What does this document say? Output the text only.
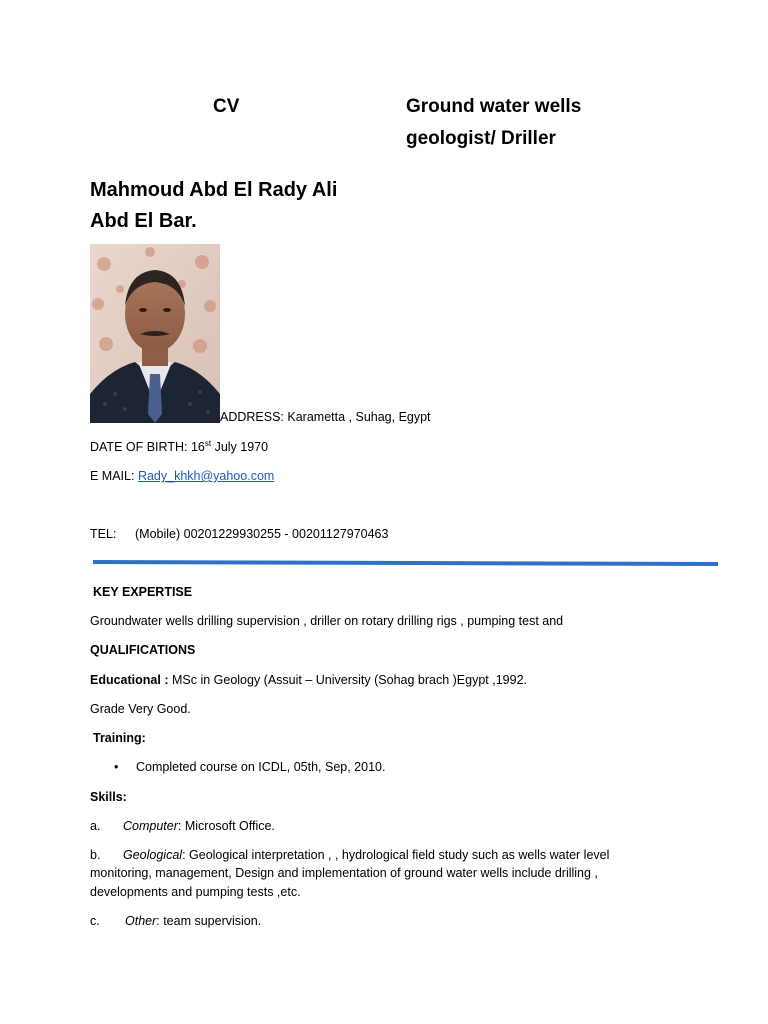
CV	Ground water wells
geologist/ Driller
Mahmoud Abd El Rady Ali
Abd El Bar.
ADDRESS: Karametta , Suhag, Egypt
DATE OF BIRTH: 16st July 1970
E MAIL: Rady_khkh@yahoo.com
TEL: (Mobile) 00201229930255 - 00201127970463
KEY EXPERTISE
Groundwater wells drilling supervision , driller on rotary drilling rigs , pumping test and
QUALIFICATIONS
Educational : MSc in Geology (Assuit – University (Sohag brach )Egypt ,1992.
Grade Very Good.
Training:
• Completed course on ICDL, 05th, Sep, 2010.
Skills:
a. Computer: Microsoft Office.
b. Geological: Geological interpretation , , hydrological field study such as wells water level
monitoring, management, Design and implementation of ground water wells include drilling ,
developments and pumping tests ,etc.
c. Other: team supervision.
